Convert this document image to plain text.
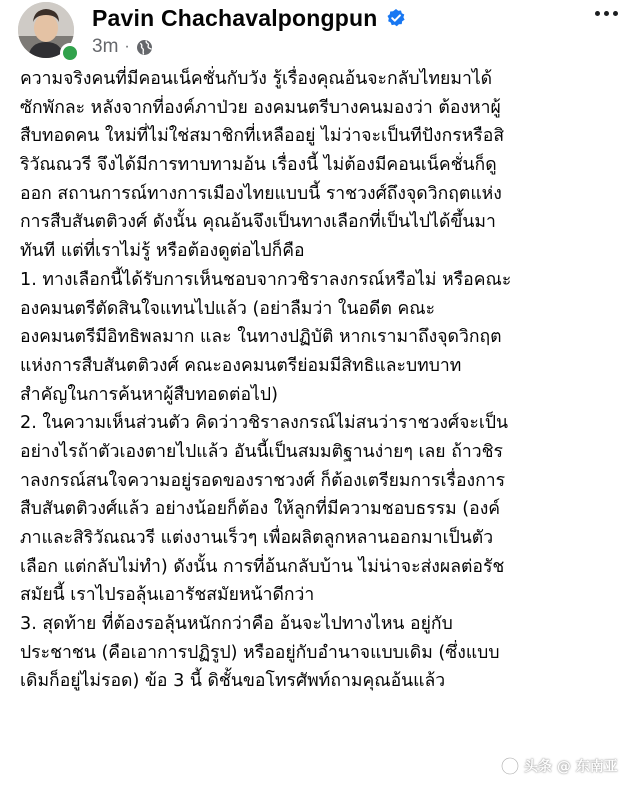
Pavin Chachavalpongpun
3m ·
ความจริงคนที่มีคอนเน็คชั่นกับวัง รู้เรื่องคุณอ้นจะกลับไทยมาได้
ซักพักละ หลังจากที่องค์ภาป่วย องคมนตรีบางคนมองว่า ต้องหาผู้
สืบทอดคน ใหม่ที่ไม่ใช่สมาชิกที่เหลืออยู่ ไม่ว่าจะเป็นทีปังกรหรือสิ
ริวัณณวรี จึงได้มีการทาบทามอ้น เรื่องนี้ ไม่ต้องมีคอนเน็คชั่นก็ดู
ออก สถานการณ์ทางการเมืองไทยแบบนี้ ราชวงศ์ถึงจุดวิกฤตแห่ง
การสืบสันตติวงศ์ ดังนั้น คุณอ้นจึงเป็นทางเลือกที่เป็นไปได้ขึ้นมา
ทันที แต่ที่เราไม่รู้ หรือต้องดูต่อไปก็คือ
1. ทางเลือกนี้ได้รับการเห็นชอบจากวชิราลงกรณ์หรือไม่ หรือคณะ
องคมนตรีตัดสินใจแทนไปแล้ว (อย่าลืมว่า ในอดีต คณะ
องคมนตรีมีอิทธิพลมาก และ ในทางปฏิบัติ หากเรามาถึงจุดวิกฤต
แห่งการสืบสันตติวงศ์ คณะองคมนตรีย่อมมีสิทธิและบทบาท
สำคัญในการค้นหาผู้สืบทอดต่อไป)
2. ในความเห็นส่วนตัว คิดว่าวชิราลงกรณ์ไม่สนว่าราชวงศ์จะเป็น
อย่างไรถ้าตัวเองตายไปแล้ว อันนี้เป็นสมมติฐานง่ายๆ เลย ถ้าวชิร
าลงกรณ์สนใจความอยู่รอดของราชวงศ์ ก็ต้องเตรียมการเรื่องการ
สืบสันตติวงศ์แล้ว อย่างน้อยก็ต้อง ให้ลูกที่มีความชอบธรรม (องค์
ภาและสิริวัณณวรี แต่งงานเร็วๆ เพื่อผลิตลูกหลานออกมาเป็นตัว
เลือก แต่กลับไม่ทำ) ดังนั้น การที่อ้นกลับบ้าน ไม่น่าจะส่งผลต่อรัช
สมัยนี้ เราไปรอลุ้นเอารัชสมัยหน้าดีกว่า
3. สุดท้าย ที่ต้องรอลุ้นหนักกว่าคือ อ้นจะไปทางไหน อยู่กับ
ประชาชน (คือเอาการปฏิรูป) หรืออยู่กับอำนาจแบบเดิม (ซึ่งแบบ
เดิมก็อยู่ไม่รอด) ข้อ 3 นี้ ดิชั้นขอโทรศัพท์ถามคุณอ้นแล้ว
头条 @ 东南亚
